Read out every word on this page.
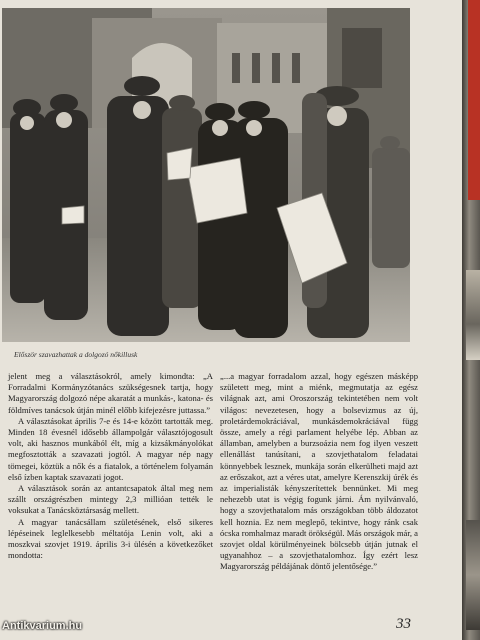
Először szavazhattak a dolgozó nőkillusk

jelent meg a választásokról, amely kimondta: „A Forradalmi Kormányzótanács szükségesnek tartja, hogy Magyarország dolgozó népe akaratát a munkás-, katona- és földmíves tanácsok útján minél előbb kifejezésre juttassa.”

A választásokat április 7-e és 14-e között tartották meg. Minden 18 évesnél idősebb állampolgár választójogosult volt, aki hasznos munkából élt, míg a kizsákmányolókat megfosztották a szavazati jogtól. A magyar nép nagy tömegei, köztük a nők és a fiatalok, a történelem folyamán első ízben kaptak szavazati jogot.

A választások során az antantcsapatok által meg nem szállt országrészben mintegy 2,3 millióan tették le voksukat a Tanácsköztársaság mellett.

A magyar tanácsállam születésének, első sikeres lépéseinek leglelkesebb méltatója Lenin volt, aki a moszkvai szovjet 1919. április 3-i ülésén a következőket mondotta:

„...a magyar forradalom azzal, hogy egészen másképp született meg, mint a miénk, megmutatja az egész világnak azt, ami Oroszország tekintetében nem volt világos: nevezetesen, hogy a bolsevizmus az új, proletárdemokráciával, munkásdemokráciával függ össze, amely a régi parlament helyébe lép. Abban az államban, amelyben a burzsoázia nem fog ilyen veszett ellenállást tanúsítani, a szovjethatalom feladatai könnyebbek lesznek, munkája során elkerülheti majd azt az erőszakot, azt a véres utat, amelyre Kerenszkij úrék és az imperialisták kényszerítettek bennünket. Mi meg nehezebb utat is végig fogunk járni. Ám nyilvánvaló, hogy a szovjethatalom más országokban több áldozatot kell hoznia. Ez nem meglepő, tekintve, hogy ránk csak ócska romhalmaz maradt örökségül. Más országok már, a szovjet oldal körülményeinek bölcsebb útján jutnak el ugyanahhoz – a szovjethatalomhoz. Így ezért lesz Magyarország példájának döntő jelentősége.”

33
Antikvarium.hu
